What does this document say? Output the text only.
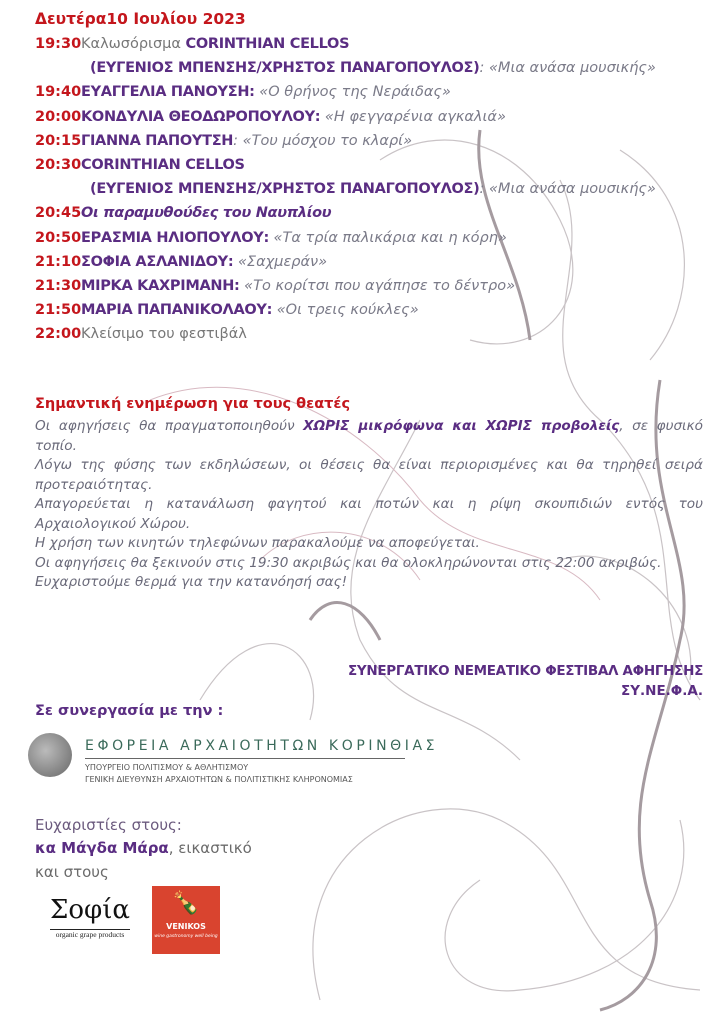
Δευτέρα10 Ιουλίου 2023
19:30Καλωσόρισμα CORINTHIAN CELLOS
(ΕΥΓΕΝΙΟΣ ΜΠΕΝΣΗΣ/ΧΡΗΣΤΟΣ ΠΑΝΑΓΟΠΟΥΛΟΣ): «Μια ανάσα μουσικής»
19:40ΕΥΑΓΓΕΛΙΑ ΠΑΝΟΥΣΗ: «Ο θρήνος της Νεράιδας»
20:00ΚΟΝΔΥΛΙΑ ΘΕΟΔΩΡΟΠΟΥΛΟΥ: «Η φεγγαρένια αγκαλιά»
20:15ΓΙΑΝΝΑ ΠΑΠΟΥΤΣΗ: «Του μόσχου το κλαρί»
20:30CORINTHIAN CELLOS
(ΕΥΓΕΝΙΟΣ ΜΠΕΝΣΗΣ/ΧΡΗΣΤΟΣ ΠΑΝΑΓΟΠΟΥΛΟΣ): «Μια ανάσα μουσικής»
20:45Οι παραμυθούδες του Ναυπλίου
20:50ΕΡΑΣΜΙΑ ΗΛΙΟΠΟΥΛΟΥ: «Τα τρία παλικάρια και η κόρη»
21:10ΣΟΦΙΑ ΑΣΛΑΝΙΔΟΥ: «Σαχμεράν»
21:30ΜΙΡΚΑ ΚΑΧΡΙΜΑΝΗ: «Το κορίτσι που αγάπησε το δέντρο»
21:50ΜΑΡΙΑ ΠΑΠΑΝΙΚΟΛΑΟΥ: «Οι τρεις κούκλες»
22:00Κλείσιμο του φεστιβάλ
Σημαντική ενημέρωση για τους θεατές
Οι αφηγήσεις θα πραγματοποιηθούν ΧΩΡΙΣ μικρόφωνα και ΧΩΡΙΣ προβολείς, σε φυσικό τοπίο.
Λόγω της φύσης των εκδηλώσεων, οι θέσεις θα είναι περιορισμένες και θα τηρηθεί σειρά προτεραιότητας.
Απαγορεύεται η κατανάλωση φαγητού και ποτών και η ρίψη σκουπιδιών εντός του Αρχαιολογικού Χώρου.
Η χρήση των κινητών τηλεφώνων παρακαλούμε να αποφεύγεται.
Οι αφηγήσεις θα ξεκινούν στις 19:30 ακριβώς και θα ολοκληρώνονται στις 22:00 ακριβώς.
Ευχαριστούμε θερμά για την κατανόησή σας!
ΣΥΝΕΡΓΑΤΙΚΟ ΝΕΜΕΑΤΙΚΟ ΦΕΣΤΙΒΑΛ ΑΦΗΓΗΣΗΣ
ΣΥ.ΝΕ.Φ.Α.
Σε συνεργασία με την :
ΕΦΟΡΕΙΑ ΑΡΧΑΙΟΤΗΤΩΝ ΚΟΡΙΝΘΙΑΣ
ΥΠΟΥΡΓΕΙΟ ΠΟΛΙΤΙΣΜΟΥ & ΑΘΛΗΤΙΣΜΟΥ
ΓΕΝΙΚΗ ΔΙΕΥΘΥΝΣΗ ΑΡΧΑΙΟΤΗΤΩΝ & ΠΟΛΙΤΙΣΤΙΚΗΣ ΚΛΗΡΟΝΟΜΙΑΣ
Ευχαριστίες στους:
κα Μάγδα Μάρα, εικαστικό
και στους
Σοφία
organic grape products
🍾
VENIKOS
wine gastronomy well being
